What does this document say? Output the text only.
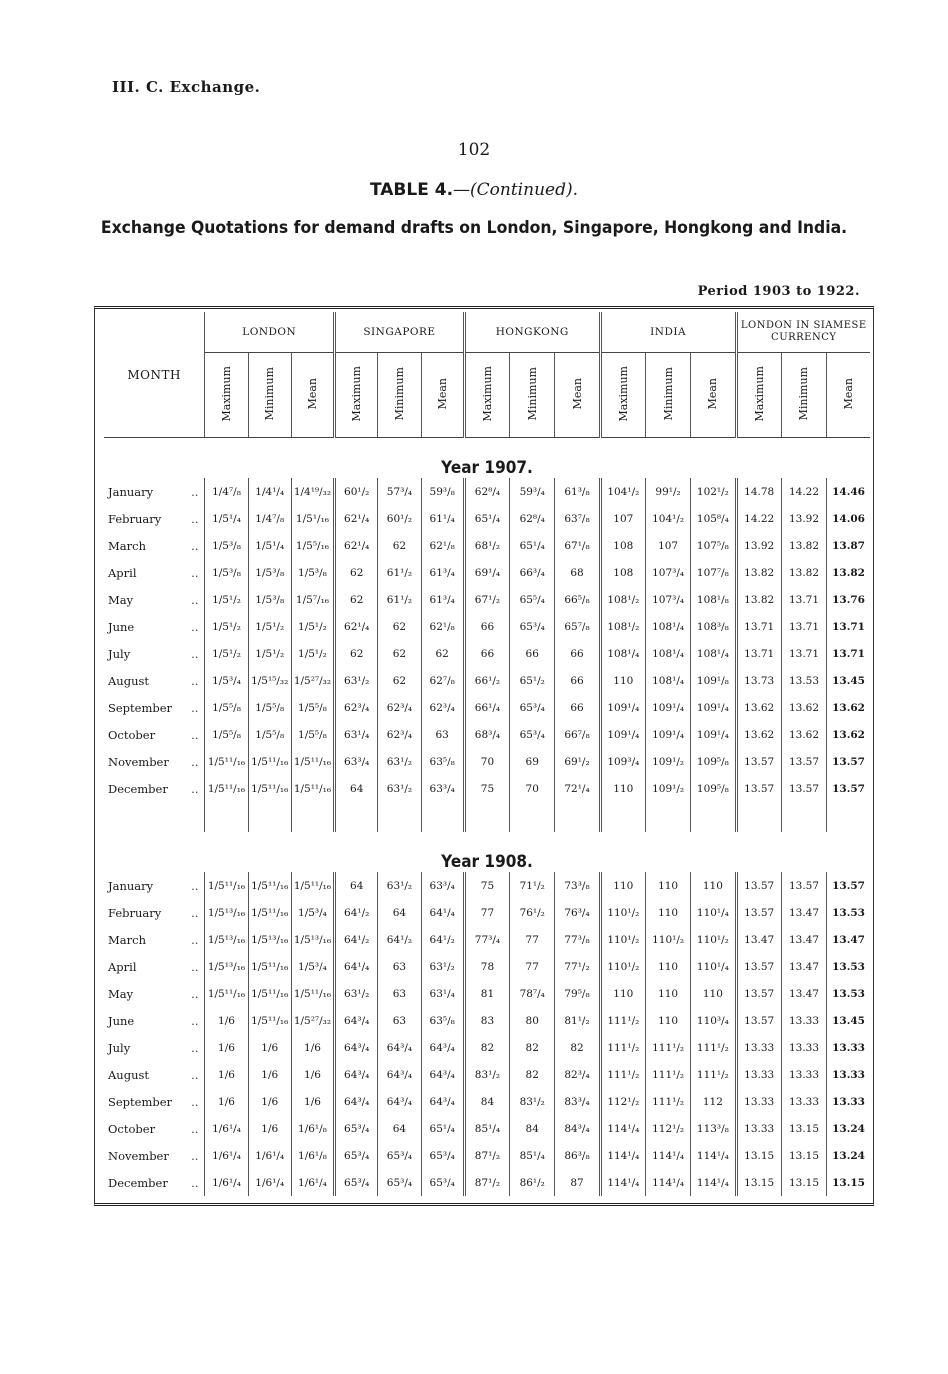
III. C. Exchange.
102
TABLE 4.—(Continued).
Exchange Quotations for demand drafts on London, Singapore, Hongkong and India.
Period 1903 to 1922.
MONTH	LONDON			SINGAPORE			HONGKONG			INDIA			LONDON IN SIAMESE CURRENCY		
	Maximum	Minimum	Mean	Maximum	Minimum	Mean	Maximum	Minimum	Mean	Maximum	Minimum	Mean	Maximum	Minimum	Mean
Year 1907.															
January ..	1/4⁷/₈	1/4¹/₄	1/4¹⁹/₃₂	60¹/₂	57³/₄	59³/₈	62⁸/₄	59³/₄	61³/₈	104¹/₂	99¹/₂	102¹/₂	14.78	14.22	14.46
February ..	1/5¹/₄	1/4⁷/₈	1/5¹/₁₆	62¹/₄	60¹/₂	61¹/₄	65¹/₄	62⁸/₄	63⁷/₈	107	104¹/₂	105⁸/₄	14.22	13.92	14.06
March ..	1/5³/₈	1/5¹/₄	1/5⁵/₁₆	62¹/₄	62	62¹/₈	68¹/₂	65¹/₄	67¹/₈	108	107	107⁵/₈	13.92	13.82	13.87
April ..	1/5³/₈	1/5³/₈	1/5³/₈	62	61¹/₂	61³/₄	69¹/₄	66³/₄	68	108	107³/₄	107⁷/₈	13.82	13.82	13.82
May ..	1/5¹/₂	1/5³/₈	1/5⁷/₁₆	62	61¹/₂	61³/₄	67¹/₂	65⁵/₄	66⁵/₈	108¹/₂	107³/₄	108¹/₈	13.82	13.71	13.76
June ..	1/5¹/₂	1/5¹/₂	1/5¹/₂	62¹/₄	62	62¹/₈	66	65³/₄	65⁷/₈	108¹/₂	108¹/₄	108³/₈	13.71	13.71	13.71
July ..	1/5¹/₂	1/5¹/₂	1/5¹/₂	62	62	62	66	66	66	108¹/₄	108¹/₄	108¹/₄	13.71	13.71	13.71
August ..	1/5³/₄	1/5¹⁵/₃₂	1/5²⁷/₃₂	63¹/₂	62	62⁷/₈	66¹/₂	65¹/₂	66	110	108¹/₄	109¹/₈	13.73	13.53	13.45
September ..	1/5⁵/₈	1/5⁵/₈	1/5⁵/₈	62³/₄	62³/₄	62³/₄	66¹/₄	65³/₄	66	109¹/₄	109¹/₄	109¹/₄	13.62	13.62	13.62
October ..	1/5⁵/₈	1/5⁵/₈	1/5⁵/₈	63¹/₄	62³/₄	63	68³/₄	65³/₄	66⁷/₈	109¹/₄	109¹/₄	109¹/₄	13.62	13.62	13.62
November ..	1/5¹¹/₁₆	1/5¹¹/₁₆	1/5¹¹/₁₆	63³/₄	63¹/₂	63⁵/₈	70	69	69¹/₂	109³/₄	109¹/₂	109⁵/₈	13.57	13.57	13.57
December ..	1/5¹¹/₁₆	1/5¹¹/₁₆	1/5¹¹/₁₆	64	63¹/₂	63³/₄	75	70	72¹/₄	110	109¹/₂	109⁵/₈	13.57	13.57	13.57

Year 1908.															
January ..	1/5¹¹/₁₆	1/5¹¹/₁₆	1/5¹¹/₁₆	64	63¹/₂	63³/₄	75	71¹/₂	73³/₈	110	110	110	13.57	13.57	13.57
February ..	1/5¹³/₁₆	1/5¹¹/₁₆	1/5³/₄	64¹/₂	64	64¹/₄	77	76¹/₂	76³/₄	110¹/₂	110	110¹/₄	13.57	13.47	13.53
March ..	1/5¹³/₁₆	1/5¹³/₁₆	1/5¹³/₁₆	64¹/₂	64¹/₂	64¹/₂	77³/₄	77	77³/₈	110¹/₂	110¹/₂	110¹/₂	13.47	13.47	13.47
April ..	1/5¹³/₁₆	1/5¹¹/₁₆	1/5³/₄	64¹/₄	63	63¹/₂	78	77	77¹/₂	110¹/₂	110	110¹/₄	13.57	13.47	13.53
May ..	1/5¹¹/₁₆	1/5¹¹/₁₆	1/5¹¹/₁₆	63¹/₂	63	63¹/₄	81	78⁷/₄	79⁵/₈	110	110	110	13.57	13.47	13.53
June ..	1/6	1/5¹¹/₁₆	1/5²⁷/₃₂	64³/₄	63	63⁵/₈	83	80	81¹/₂	111¹/₂	110	110³/₄	13.57	13.33	13.45
July ..	1/6	1/6	1/6	64³/₄	64³/₄	64³/₄	82	82	82	111¹/₂	111¹/₂	111¹/₂	13.33	13.33	13.33
August ..	1/6	1/6	1/6	64³/₄	64³/₄	64³/₄	83¹/₂	82	82³/₄	111¹/₂	111¹/₂	111¹/₂	13.33	13.33	13.33
September ..	1/6	1/6	1/6	64³/₄	64³/₄	64³/₄	84	83¹/₂	83³/₄	112¹/₂	111¹/₂	112	13.33	13.33	13.33
October ..	1/6¹/₄	1/6	1/6¹/₈	65³/₄	64	65¹/₄	85¹/₄	84	84³/₄	114¹/₄	112¹/₂	113³/₈	13.33	13.15	13.24
November ..	1/6¹/₄	1/6¹/₄	1/6¹/₈	65³/₄	65³/₄	65³/₄	87¹/₂	85¹/₄	86³/₈	114¹/₄	114¹/₄	114¹/₄	13.15	13.15	13.24
December ..	1/6¹/₄	1/6¹/₄	1/6¹/₄	65³/₄	65³/₄	65³/₄	87¹/₂	86¹/₂	87	114¹/₄	114¹/₄	114¹/₄	13.15	13.15	13.15
